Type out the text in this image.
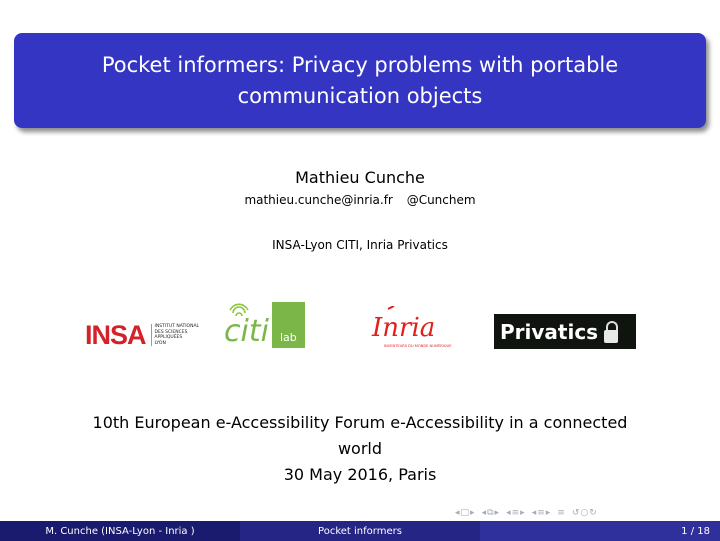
Pocket informers: Privacy problems with portable
communication objects
Mathieu Cunche
mathieu.cunche@inria.fr @Cunchem
INSA-Lyon CITI, Inria Privatics
INSA INSTITUT NATIONAL
DES SCIENCES
APPLIQUÉES
LYON	citi lab	Inria
INVENTEURS DU MONDE NUMÉRIQUE
Privatics
10th European e-Accessibility Forum e-Accessibility in a connected
world
30 May 2016, Paris
◂ □ ▸ ◂ ⧉ ▸ ◂ ≡ ▸ ◂ ≡ ▸ ≡ ↺ ○ ↻
M. Cunche (INSA-Lyon - Inria )	Pocket informers	1 / 18
